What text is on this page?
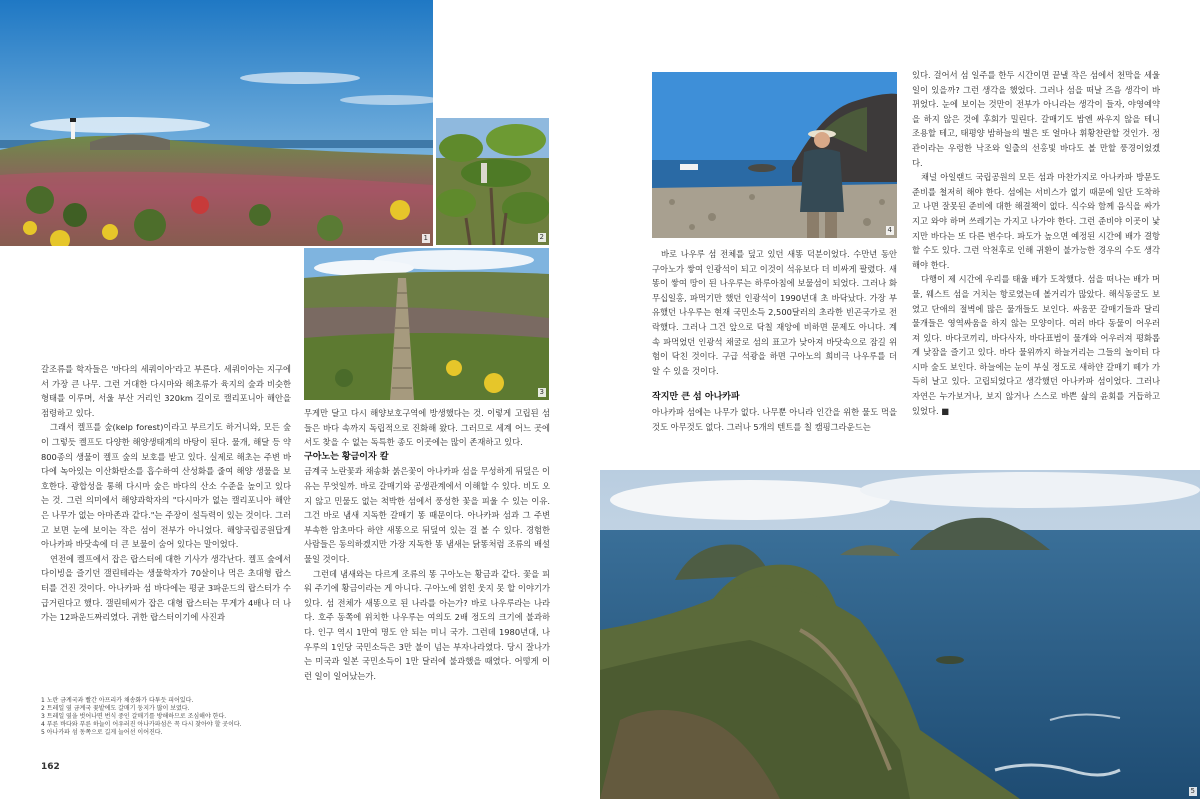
1	2
3
4
5

갈조류를 학자들은 '바다의 세쿼이아'라고 부른다. 세쿼이아는 지구에서 가장 큰 나무. 그런 거대한 다시마와 해초류가 육지의 숲과 비슷한 형태를 이루며, 서울 부산 거리인 320km 길이로 캘리포니아 해안을 점령하고 있다.

그래서 켈프를 숲(kelp forest)이라고 부르기도 하거니와, 모든 숲이 그렇듯 켈프도 다양한 해양생태계의 바탕이 된다. 물개, 해달 등 약 800종의 생물이 켈프 숲의 보호를 받고 있다. 실제로 해초는 주변 바다에 녹아있는 이산화탄소를 흡수하여 산성화를 줄여 해양 생물을 보호한다. 광합성을 통해 다시마 숲은 바다의 산소 수준을 높이고 있다는 것. 그런 의미에서 해양과학자의 "다시마가 없는 캘리포니아 해안은 나무가 없는 아마존과 같다."는 주장이 설득력이 있는 것이다. 그러고 보면 눈에 보이는 작은 섬이 전부가 아니었다. 해양국립공원답게 아나카파 바닷속에 더 큰 보물이 숨어 있다는 말이었다.

연전에 켈프에서 잡은 랍스터에 대한 기사가 생각난다. 켈프 숲에서 다이빙을 즐기던 갤린테라는 생물학자가 70살이나 먹은 초대형 랍스터를 건진 것이다. 아나카파 섬 바다에는 평균 3파운드의 랍스터가 수급거린다고 했다. 갤린테씨가 잡은 대형 랍스터는 무게가 4배나 더 나가는 12파운드짜리였다. 귀한 랍스터이기에 사진과

무게만 달고 다시 해양보호구역에 방생했다는 것. 이렇게 고립된 섬들은 바다 속까지 독립적으로 진화해 왔다. 그러므로 세계 어느 곳에서도 찾을 수 없는 독특한 종도 이곳에는 많이 존재하고 있다.

구아노는 황금이자 칼

금계국 노란꽃과 채송화 붉은꽃이 아나카파 섬을 무성하게 뒤덮은 이유는 무엇일까. 바로 갈매기와 공생관계에서 이해할 수 있다. 비도 오지 않고 민물도 없는 척박한 섬에서 풍성한 꽃을 피울 수 있는 이유. 그건 바로 냄새 지독한 갈매기 똥 때문이다. 아나카파 섬과 그 주변 부속한 암초마다 하얀 새똥으로 뒤덮여 있는 걸 볼 수 있다. 경험한 사람들은 동의하겠지만 가장 지독한 똥 냄새는 닭똥처럼 조류의 배설물일 것이다.

그런데 냄새와는 다르게 조류의 똥 구아노는 황금과 같다. 꽃을 피워 주기에 황금이라는 게 아니다. 구아노에 얽힌 웃지 못 할 이야기가 있다. 섬 전체가 새똥으로 된 나라를 아는가? 바로 나우루라는 나라다. 호주 동쪽에 위치한 나우루는 여의도 2배 정도의 크기에 불과하다. 인구 역시 1만여 명도 안 되는 미니 국가. 그런데 1980년대, 나우루의 1인당 국민소득은 3만 불이 넘는 부자나라였다. 당시 잘나가는 미국과 일본 국민소득이 1만 달러에 불과했을 때였다. 어떻게 이런 일이 일어났는가.

1 노란 금계국과 빨간 아프리카 채송화가 다투듯 피어있다.
2 트레일 옆 금계국 꽃밭에도 갈매기 둥지가 많이 보였다.
3 트레일 옆을 벗어나면 번식 중인 갈매기를 방해하므로 조심해야 한다.
4 푸른 바다와 푸른 하늘이 어우러진 아나카파섬은 꼭 다시 찾아야 할 곳이다.
5 아나카파 섬 동쪽으로 길게 늘어선 이어진다.
162

바로 나우루 섬 전체를 덮고 있던 새똥 덕분이었다. 수만년 동안 구아노가 쌓여 인광석이 되고 이것이 석유보다 더 비싸게 팔렸다. 새똥이 쌓여 땅이 된 나우루는 하루아침에 보물섬이 되었다. 그러나 화무십일홍, 파먹기만 했던 인광석이 1990년대 초 바닥났다. 가장 부유했던 나우루는 현재 국민소득 2,500달러의 초라한 빈곤국가로 전락했다. 그러나 그건 앞으로 닥칠 재앙에 비하면 문제도 아니다. 계속 파먹었던 인광석 채굴로 섬의 표고가 낮아져 바닷속으로 잠길 위험이 닥친 것이다. 구급 석광을 하면 구아노의 희비극 나우루를 더 알 수 있을 것이다.

작지만 큰 섬 아나카파

아나카파 섬에는 나무가 없다. 나무뿐 아니라 인간을 위한 물도 먹을 것도 아무것도 없다. 그러나 5개의 텐트를 칠 캠핑그라운드는

있다. 걸어서 섬 일주를 한두 시간이면 끝낼 작은 섬에서 천막을 세울 일이 있을까? 그런 생각을 했었다. 그러나 섬을 떠날 즈음 생각이 바뀌었다. 눈에 보이는 것만이 전부가 아니라는 생각이 들자, 야영예약을 하지 않은 것에 후회가 밀린다. 갈매기도 밤엔 싸우지 않을 테니 조용할 테고, 태평양 밤하늘의 별은 또 얼마나 휘황찬란할 것인가. 정관이라는 우렁한 낙조와 일출의 선홍빛 바다도 볼 만할 풍경이었겠다.

채널 아일랜드 국립공원의 모든 섬과 마찬가지로 아나카파 방문도 준비를 철저히 해야 한다. 섬에는 서비스가 없기 때문에 일단 도착하고 나면 잘못된 준비에 대한 해결책이 없다. 식수와 함께 음식을 싸가지고 와야 하며 쓰레기는 가지고 나가야 한다. 그런 준비야 이곳이 낯지만 바다는 또 다른 변수다. 파도가 높으면 예정된 시간에 배가 결항 할 수도 있다. 그런 악천후로 인해 귀환이 불가능한 경우의 수도 생각해야 한다.

다행이 제 시간에 우리를 태울 배가 도착했다. 섬을 떠나는 배가 머물, 웨스트 섬을 거치는 항로였는데 볼거리가 많았다. 해식동굴도 보였고 단애의 절벽에 많은 물개들도 보인다. 싸움꾼 갈매기들과 달리 물개들은 영역싸움을 하지 않는 모양이다. 여러 바다 동물이 어우러져 있다. 바다코끼리, 바다사자, 바다표범이 물개와 어우러져 평화롭게 낮잠을 즐기고 있다. 바다 물위까지 하늘거리는 그들의 놀이터 다시마 숲도 보인다. 하늘에는 눈이 부실 정도로 새하얀 갈매기 떼가 가득히 날고 있다. 고립되었다고 생각했던 아나카파 섬이었다. 그러나 자연은 누가보거나, 보지 않거나 스스로 바쁜 삶의 윤회를 거듭하고 있었다. ■
